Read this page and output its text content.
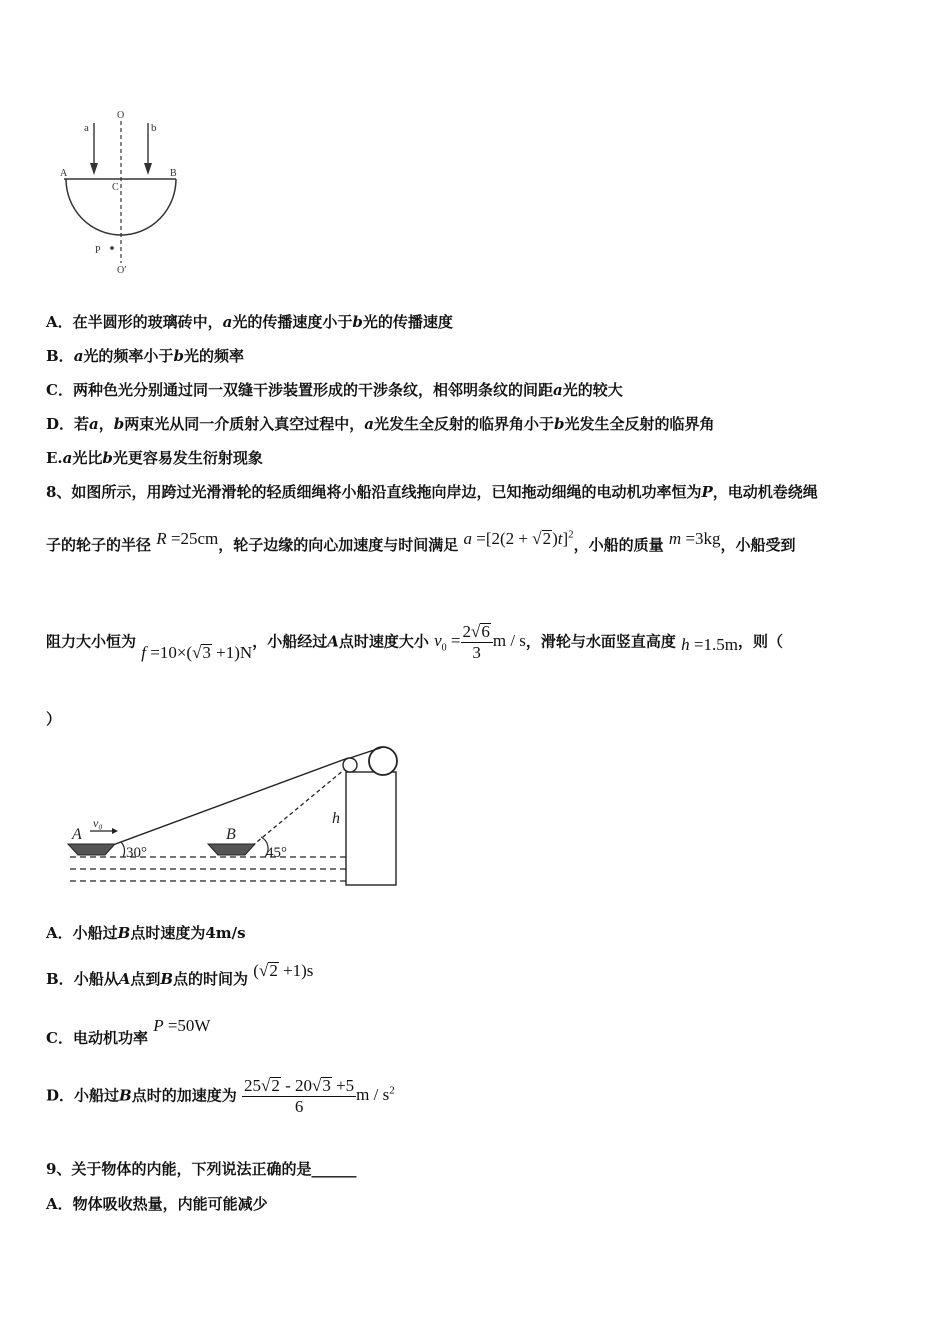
a	b
O
A	B
C
P
O′
A．在半圆形的玻璃砖中，a光的传播速度小于b光的传播速度
B．a光的频率小于b光的频率
C．两种色光分别通过同一双缝干涉装置形成的干涉条纹，相邻明条纹的间距a光的较大
D．若a，b两束光从同一介质射入真空过程中，a光发生全反射的临界角小于b光发生全反射的临界角
E.a光比b光更容易发生衍射现象
8、如图所示，用跨过光滑滑轮的轻质细绳将小船沿直线拖向岸边，已知拖动细绳的电动机功率恒为P，电动机卷绕绳
子的轮子的半径 R =25cm，轮子边缘的向心加速度与时间满足 $a =[2(2 + √2)t]^2$，小船的质量 m =3kg，小船受到
阻力大小恒为 f =10×(√3 +1)N，小船经过A点时速度大小 $v_0 = \frac{2√6}{3}$ m / s，滑轮与水面竖直高度 h =1.5m，则（
）
A
v₀
B
30°	45°
h
A．小船过B点时速度为4m/s
B．小船从A点到B点的时间为 (√2 +1)s
C．电动机功率 P =50W
D．小船过B点时的加速度为 $\frac{25√2 - 20√3 +5}{6}$ m / $s^2$
9、关于物体的内能，下列说法正确的是______
A．物体吸收热量，内能可能减少
